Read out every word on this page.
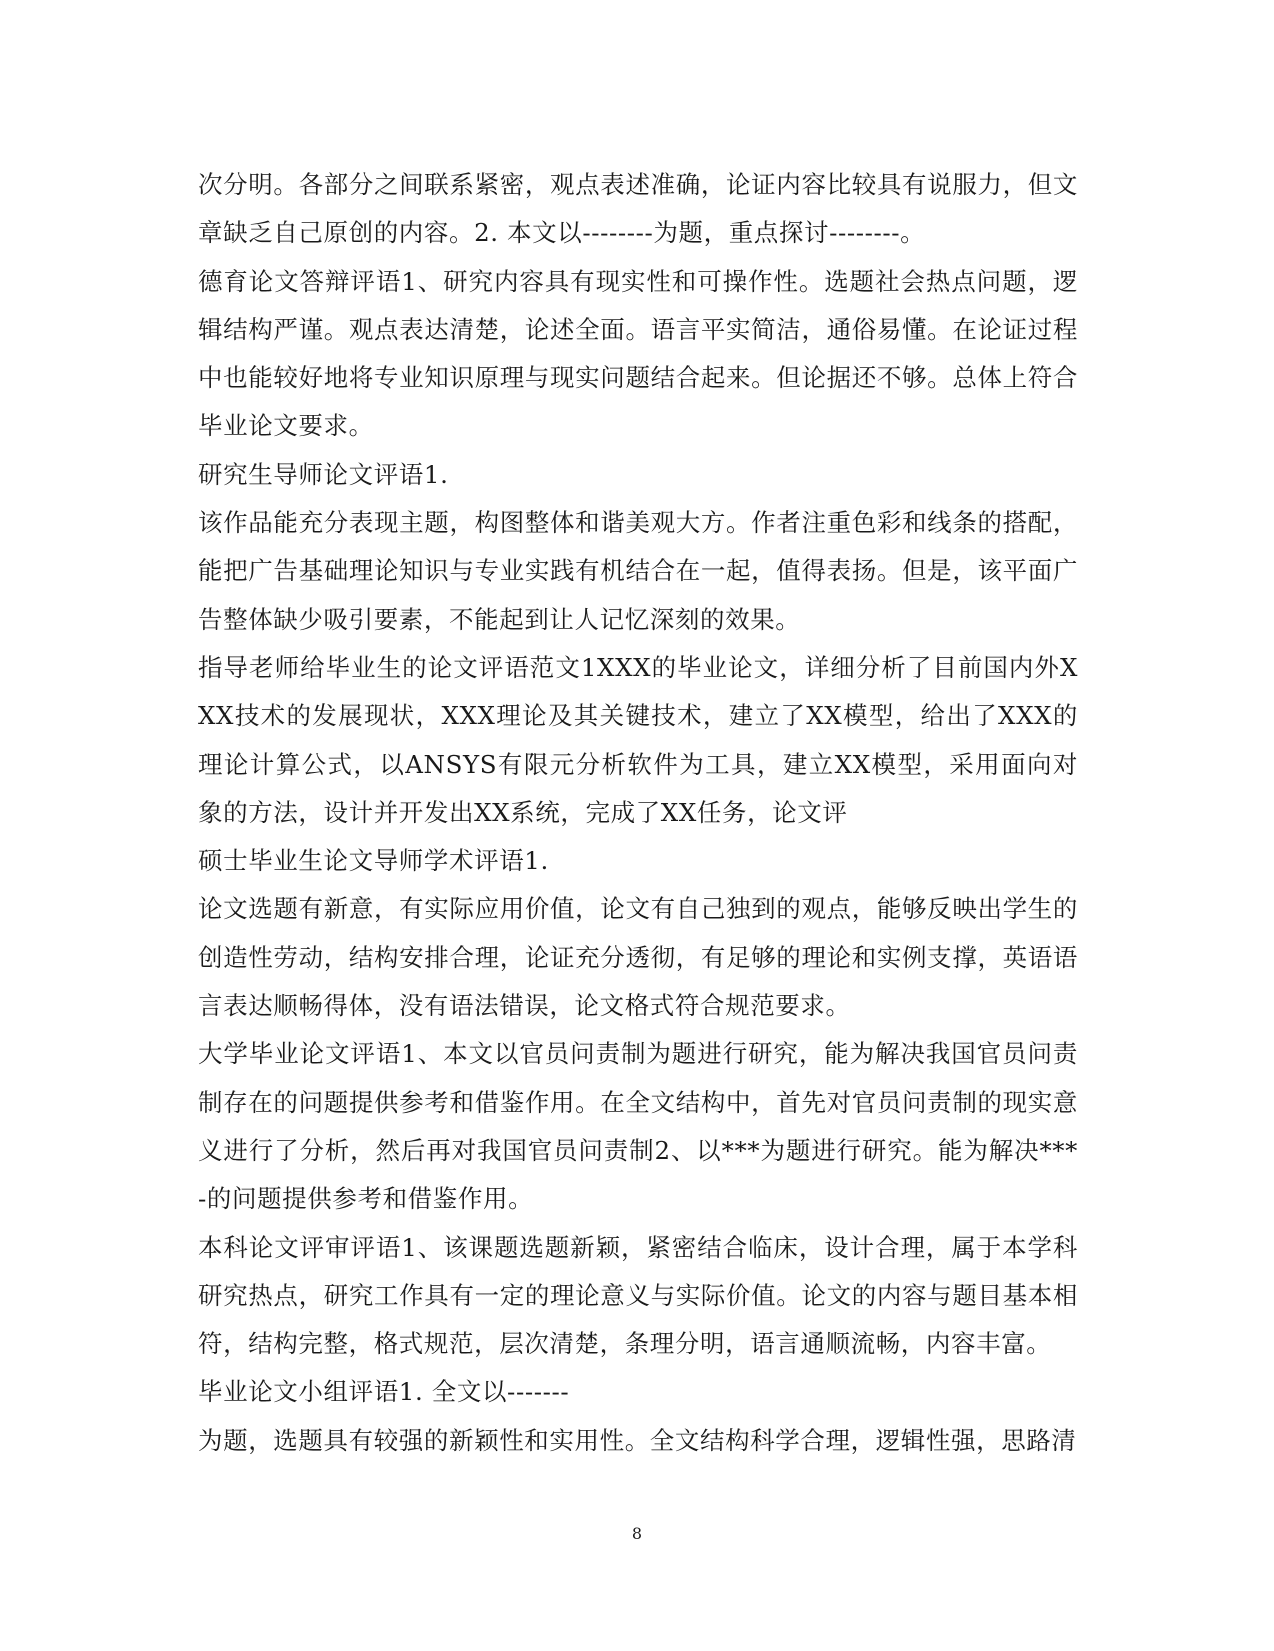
次分明。各部分之间联系紧密，观点表述准确，论证内容比较具有说服力，但文章缺乏自己原创的内容。2. 本文以--------为题，重点探讨--------。

德育论文答辩评语1、研究内容具有现实性和可操作性。选题社会热点问题，逻辑结构严谨。观点表达清楚，论述全面。语言平实简洁，通俗易懂。在论证过程中也能较好地将专业知识原理与现实问题结合起来。但论据还不够。总体上符合毕业论文要求。

研究生导师论文评语1.

该作品能充分表现主题，构图整体和谐美观大方。作者注重色彩和线条的搭配，能把广告基础理论知识与专业实践有机结合在一起，值得表扬。但是，该平面广告整体缺少吸引要素，不能起到让人记忆深刻的效果。

指导老师给毕业生的论文评语范文1XXX的毕业论文，详细分析了目前国内外XXX技术的发展现状，XXX理论及其关键技术，建立了XX模型，给出了XXX的理论计算公式，以ANSYS有限元分析软件为工具，建立XX模型，采用面向对象的方法，设计并开发出XX系统，完成了XX任务，论文评

硕士毕业生论文导师学术评语1.

论文选题有新意，有实际应用价值，论文有自己独到的观点，能够反映出学生的创造性劳动，结构安排合理，论证充分透彻，有足够的理论和实例支撑，英语语言表达顺畅得体，没有语法错误，论文格式符合规范要求。

大学毕业论文评语1、本文以官员问责制为题进行研究，能为解决我国官员问责制存在的问题提供参考和借鉴作用。在全文结构中，首先对官员问责制的现实意义进行了分析，然后再对我国官员问责制2、以***为题进行研究。能为解决***-的问题提供参考和借鉴作用。

本科论文评审评语1、该课题选题新颖，紧密结合临床，设计合理，属于本学科研究热点，研究工作具有一定的理论意义与实际价值。论文的内容与题目基本相符，结构完整，格式规范，层次清楚，条理分明，语言通顺流畅，内容丰富。

毕业论文小组评语1. 全文以-------

为题，选题具有较强的新颖性和实用性。全文结构科学合理，逻辑性强，思路清

8
